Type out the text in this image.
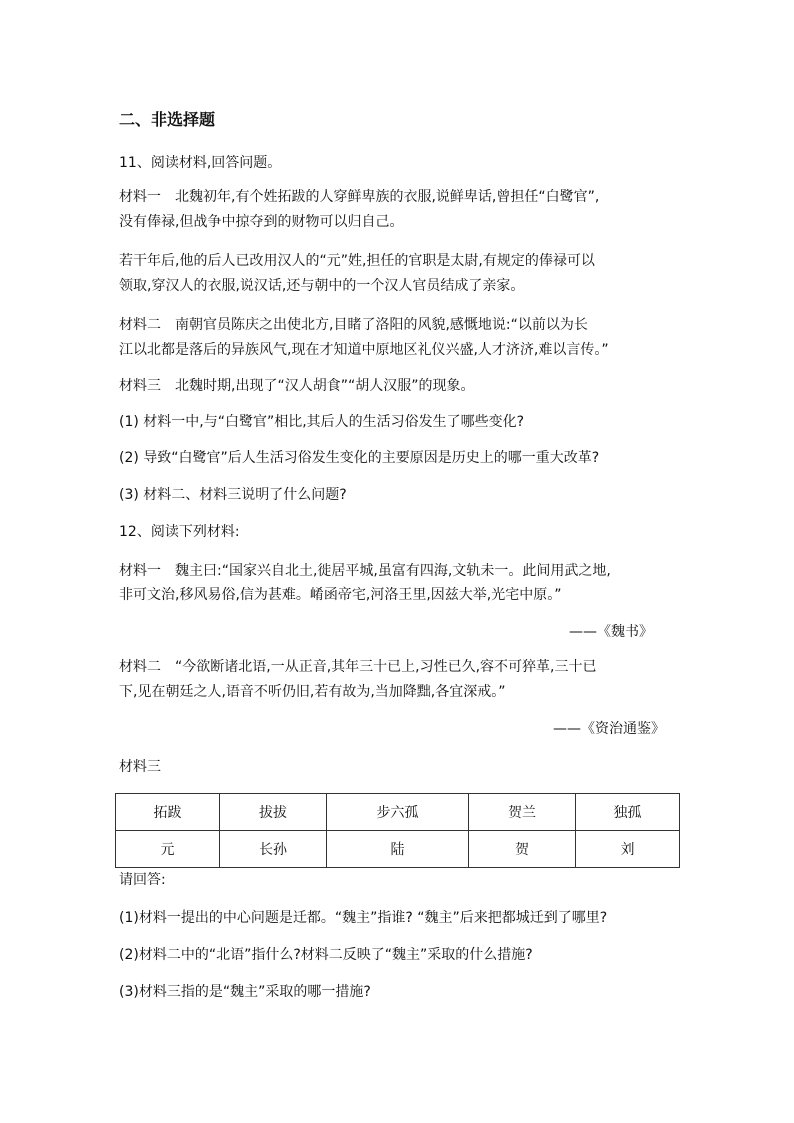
二、非选择题
11、阅读材料,回答问题。
材料一　北魏初年,有个姓拓跋的人穿鲜卑族的衣服,说鲜卑话,曾担任“白鹭官”,
没有俸禄,但战争中掠夺到的财物可以归自己。
若干年后,他的后人已改用汉人的“元”姓,担任的官职是太尉,有规定的俸禄可以
领取,穿汉人的衣服,说汉话,还与朝中的一个汉人官员结成了亲家。
材料二　南朝官员陈庆之出使北方,目睹了洛阳的风貌,感慨地说:“以前以为长
江以北都是落后的异族风气,现在才知道中原地区礼仪兴盛,人才济济,难以言传。”
材料三　北魏时期,出现了“汉人胡食”“胡人汉服”的现象。
(1) 材料一中,与“白鹭官”相比,其后人的生活习俗发生了哪些变化?
(2) 导致“白鹭官”后人生活习俗发生变化的主要原因是历史上的哪一重大改革?
(3) 材料二、材料三说明了什么问题?
12、阅读下列材料:
材料一　魏主曰:“国家兴自北土,徙居平城,虽富有四海,文轨未一。此间用武之地,
非可文治,移风易俗,信为甚难。崤函帝宅,河洛王里,因兹大举,光宅中原。”
——《魏书》
材料二　“今欲断诸北语,一从正音,其年三十已上,习性已久,容不可猝革,三十已
下,见在朝廷之人,语音不听仍旧,若有故为,当加降黜,各宜深戒。”
——《资治通鉴》
材料三
拓跋	拔拔	步六孤	贺兰	独孤
元	长孙	陆	贺	刘
请回答:
(1)材料一提出的中心问题是迁都。“魏主”指谁? “魏主”后来把都城迁到了哪里?
(2)材料二中的“北语”指什么?材料二反映了“魏主”采取的什么措施?
(3)材料三指的是“魏主”采取的哪一措施?
